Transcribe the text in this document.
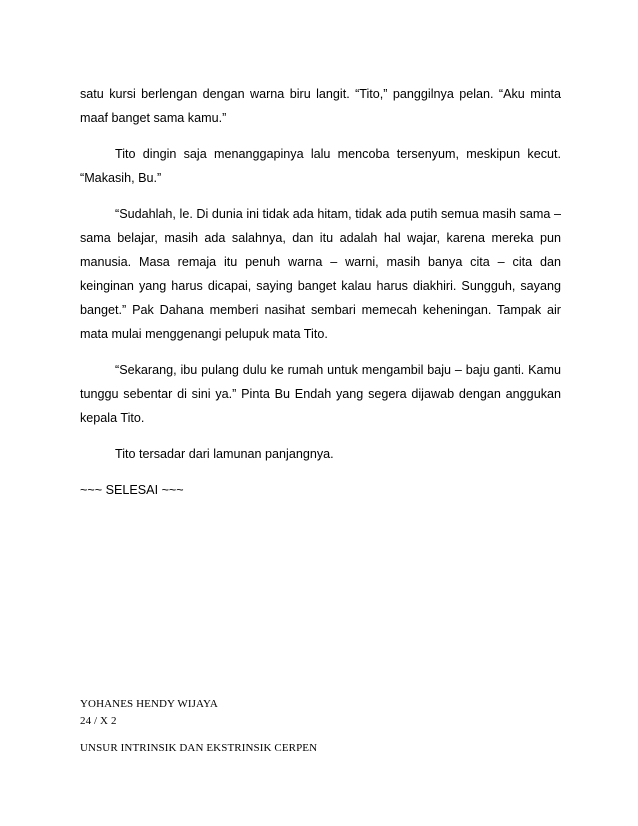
satu kursi berlengan dengan warna biru langit. “Tito,” panggilnya pelan. “Aku minta maaf banget sama kamu.”

Tito dingin saja menanggapinya lalu mencoba tersenyum, meskipun kecut. “Makasih, Bu.”

“Sudahlah, le. Di dunia ini tidak ada hitam, tidak ada putih semua masih sama – sama belajar, masih ada salahnya, dan itu adalah hal wajar, karena mereka pun manusia. Masa remaja itu penuh warna – warni, masih banya cita – cita dan keinginan yang harus dicapai, saying banget kalau harus diakhiri. Sungguh, sayang banget.” Pak Dahana memberi nasihat sembari memecah keheningan. Tampak air mata mulai menggenangi pelupuk mata Tito.

“Sekarang, ibu pulang dulu ke rumah untuk mengambil baju – baju ganti. Kamu tunggu sebentar di sini ya.” Pinta Bu Endah yang segera dijawab dengan anggukan kepala Tito.

Tito tersadar dari lamunan panjangnya.

~~~ SELESAI ~~~

YOHANES HENDY WIJAYA
24 / X 2
UNSUR INTRINSIK DAN EKSTRINSIK CERPEN
